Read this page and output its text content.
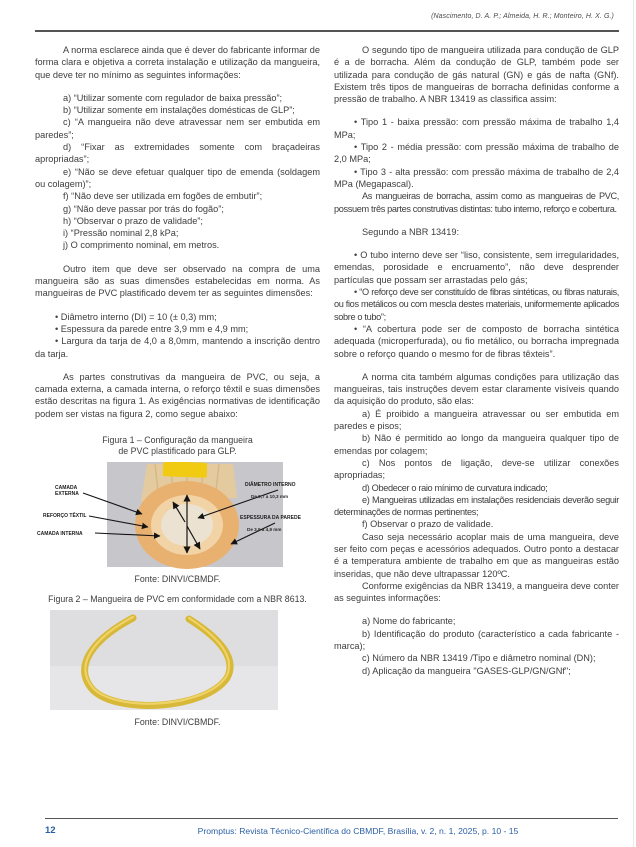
(Nascimento, D. A. P.; Almeida, H. R.; Monteiro, H. X. G.)

A norma esclarece ainda que é dever do fabricante informar de forma clara e objetiva a correta instalação e utilização da mangueira, que deve ter no mínimo as seguintes informações:

a) “Utilizar somente com regulador de baixa pressão”;

b) “Utilizar somente em instalações domésticas de GLP”;

c) “A mangueira não deve atravessar nem ser embutida em paredes”;

d) “Fixar as extremidades somente com braçadeiras apropriadas”;

e) “Não se deve efetuar qualquer tipo de emenda (soldagem ou colagem)”;

f) “Não deve ser utilizada em fogões de embutir”;

g) “Não deve passar por trás do fogão”;

h) “Observar o prazo de validade”;

i) “Pressão nominal 2,8 kPa;

j) O comprimento nominal, em metros.

Outro item que deve ser observado na compra de uma mangueira são as suas dimensões estabelecidas em norma. As mangueiras de PVC plastificado devem ter as seguintes dimensões:

• Diâmetro interno (DI) = 10 (± 0,3) mm;

• Espessura da parede entre 3,9 mm e 4,9 mm;

• Largura da tarja de 4,0 a 8,0mm, mantendo a inscrição dentro da tarja.

As partes construtivas da mangueira de PVC, ou seja, a camada externa, a camada interna, o reforço têxtil e suas dimensões estão descritas na figura 1. As exigências normativas de identificação podem ser vistas na figura 2, como segue abaixo:

Figura 1 – Configuração da mangueira
de PVC plastificado para GLP.
CAMADA
EXTERNA
REFORÇO TÊXTIL
CAMADA INTERNA
DIÂMETRO INTERNO
De 9,7 a 10,3 mm
ESPESSURA DA PAREDE
De 3,9 a 4,9 mm
Fonte: DINVI/CBMDF.
Figura 2 – Mangueira de PVC em conformidade com a NBR 8613.
Fonte: DINVI/CBMDF.

O segundo tipo de mangueira utilizada para condução de GLP é a de borracha. Além da condução de GLP, também pode ser utilizada para condução de gás natural (GN) e gás de nafta (GNf). Existem três tipos de mangueiras de borracha definidas conforme a pressão de trabalho. A NBR 13419 as classifica assim:

• Tipo 1 - baixa pressão: com pressão máxima de trabalho 1,4 MPa;

• Tipo 2 - média pressão: com pressão máxima de trabalho de 2,0 MPa;

• Tipo 3 - alta pressão: com pressão máxima de trabalho de 2,4 MPa (Megapascal).

As mangueiras de borracha, assim como as mangueiras de PVC, possuem três partes construtivas distintas: tubo interno, reforço e cobertura.

Segundo a NBR 13419:

• O tubo interno deve ser “liso, consistente, sem irregularidades, emendas, porosidade e encruamento”, não deve desprender partículas que possam ser arrastadas pelo gás;

• “O reforço deve ser constituído de fibras sintéticas, ou fibras naturais, ou fios metálicos ou com mescla destes materiais, uniformemente aplicados sobre o tubo”;

• “A cobertura pode ser de composto de borracha sintética adequada (microperfurada), ou fio metálico, ou borracha impregnada sobre o reforço quando o mesmo for de fibras têxteis”.

A norma cita também algumas condições para utilização das mangueiras, tais instruções devem estar claramente visíveis quando da aquisição do produto, são elas:

a) É proibido a mangueira atravessar ou ser embutida em paredes e pisos;

b) Não é permitido ao longo da mangueira qualquer tipo de emendas por colagem;

c) Nos pontos de ligação, deve-se utilizar conexões apropriadas;

d) Obedecer o raio mínimo de curvatura indicado;

e) Mangueiras utilizadas em instalações residenciais deverão seguir determinações de normas pertinentes;

f) Observar o prazo de validade.

Caso seja necessário acoplar mais de uma mangueira, deve ser feito com peças e acessórios adequados. Outro ponto a destacar é a temperatura ambiente de trabalho em que as mangueiras estão inseridas, que não deve ultrapassar 120ºC.

Conforme exigências da NBR 13419, a mangueira deve conter as seguintes informações:

a) Nome do fabricante;

b) Identificação do produto (característico a cada fabricante - marca);

c) Número da NBR 13419 /Tipo e diâmetro nominal (DN);

d) Aplicação da mangueira "GASES-GLP/GN/GNf";

12	Promptus: Revista Técnico-Científica do CBMDF, Brasília, v. 2, n. 1, 2025, p. 10 - 15
